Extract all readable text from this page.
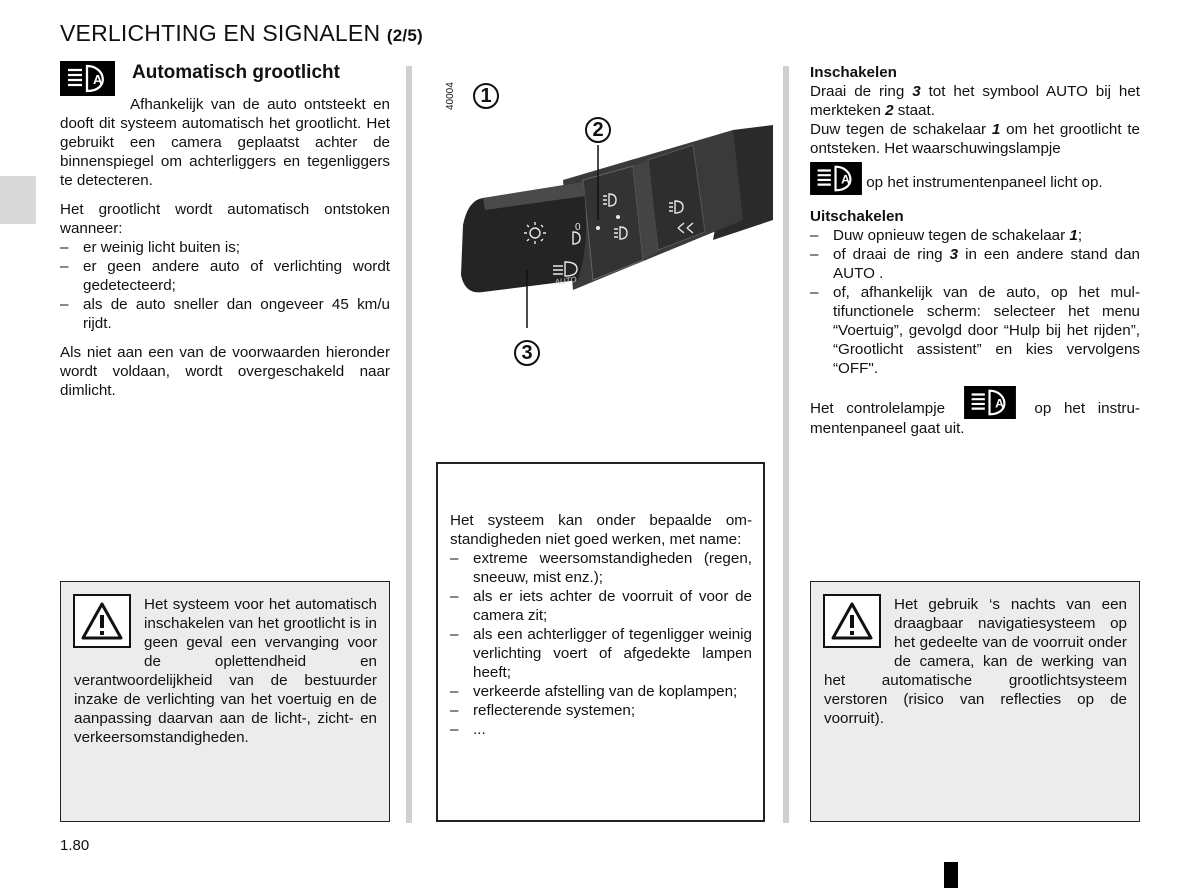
VERLICHTING EN SIGNALEN (2/5)
A Automatisch grootlicht

Afhankelijk van de auto ontsteekt en dooft dit systeem automatisch het grootlicht. Het gebruikt een camera geplaatst achter de binnenspiegel om achterliggers en tegenliggers te detecteren.

Het grootlicht wordt automatisch ontstoken wanneer:

– er weinig licht buiten is;
– er geen andere auto of verlichting wordt gedetecteerd;
– als de auto sneller dan ongeveer 45 km/u rijdt.

Als niet aan een van de voorwaarden hieronder wordt voldaan, wordt overgeschakeld naar dimlicht.

Het systeem voor het automatisch inschakelen van het grootlicht is in geen geval een vervanging voor de oplettendheid en verantwoordelijkheid van de bestuurder inzake de verlichting van het voertuig en de aanpassing daarvan aan de licht-, zicht- en verkeersomstandigheden.
0
AUTO
40004	1
2
3

Het systeem kan onder bepaalde omstandigheden niet goed werken, met name:

– extreme weersomstandigheden (regen, sneeuw, mist enz.);
– als er iets achter de voorruit of voor de camera zit;
– als een achterligger of tegenligger weinig verlichting voert of afgedekte lampen heeft;
– verkeerde afstelling van de koplampen;
– reflecterende systemen;
– ...

Inschakelen

Draai de ring 3 tot het symbool AUTO bij het merkteken 2 staat.

Duw tegen de schakelaar 1 om het grootlicht te ontsteken. Het waarschuwingslampje

A op het instrumentenpaneel licht op.

Uitschakelen

– Duw opnieuw tegen de schakelaar 1;
– of draai de ring 3 in een andere stand dan AUTO .
– of, afhankelijk van de auto, op het multifunctionele scherm: selecteer het menu “Voertuig”, gevolgd door “Hulp bij het rijden”, “Grootlicht assistent” en kies vervolgens “OFF".

Het controlelampje	A op het instrumentenpaneel gaat uit.

Het gebruik ‘s nachts van een draagbaar navigatiesysteem op het gedeelte van de voorruit onder de camera, kan de werking van het automatische grootlichtsysteem verstoren (risico van reflecties op de voorruit).
1.80
